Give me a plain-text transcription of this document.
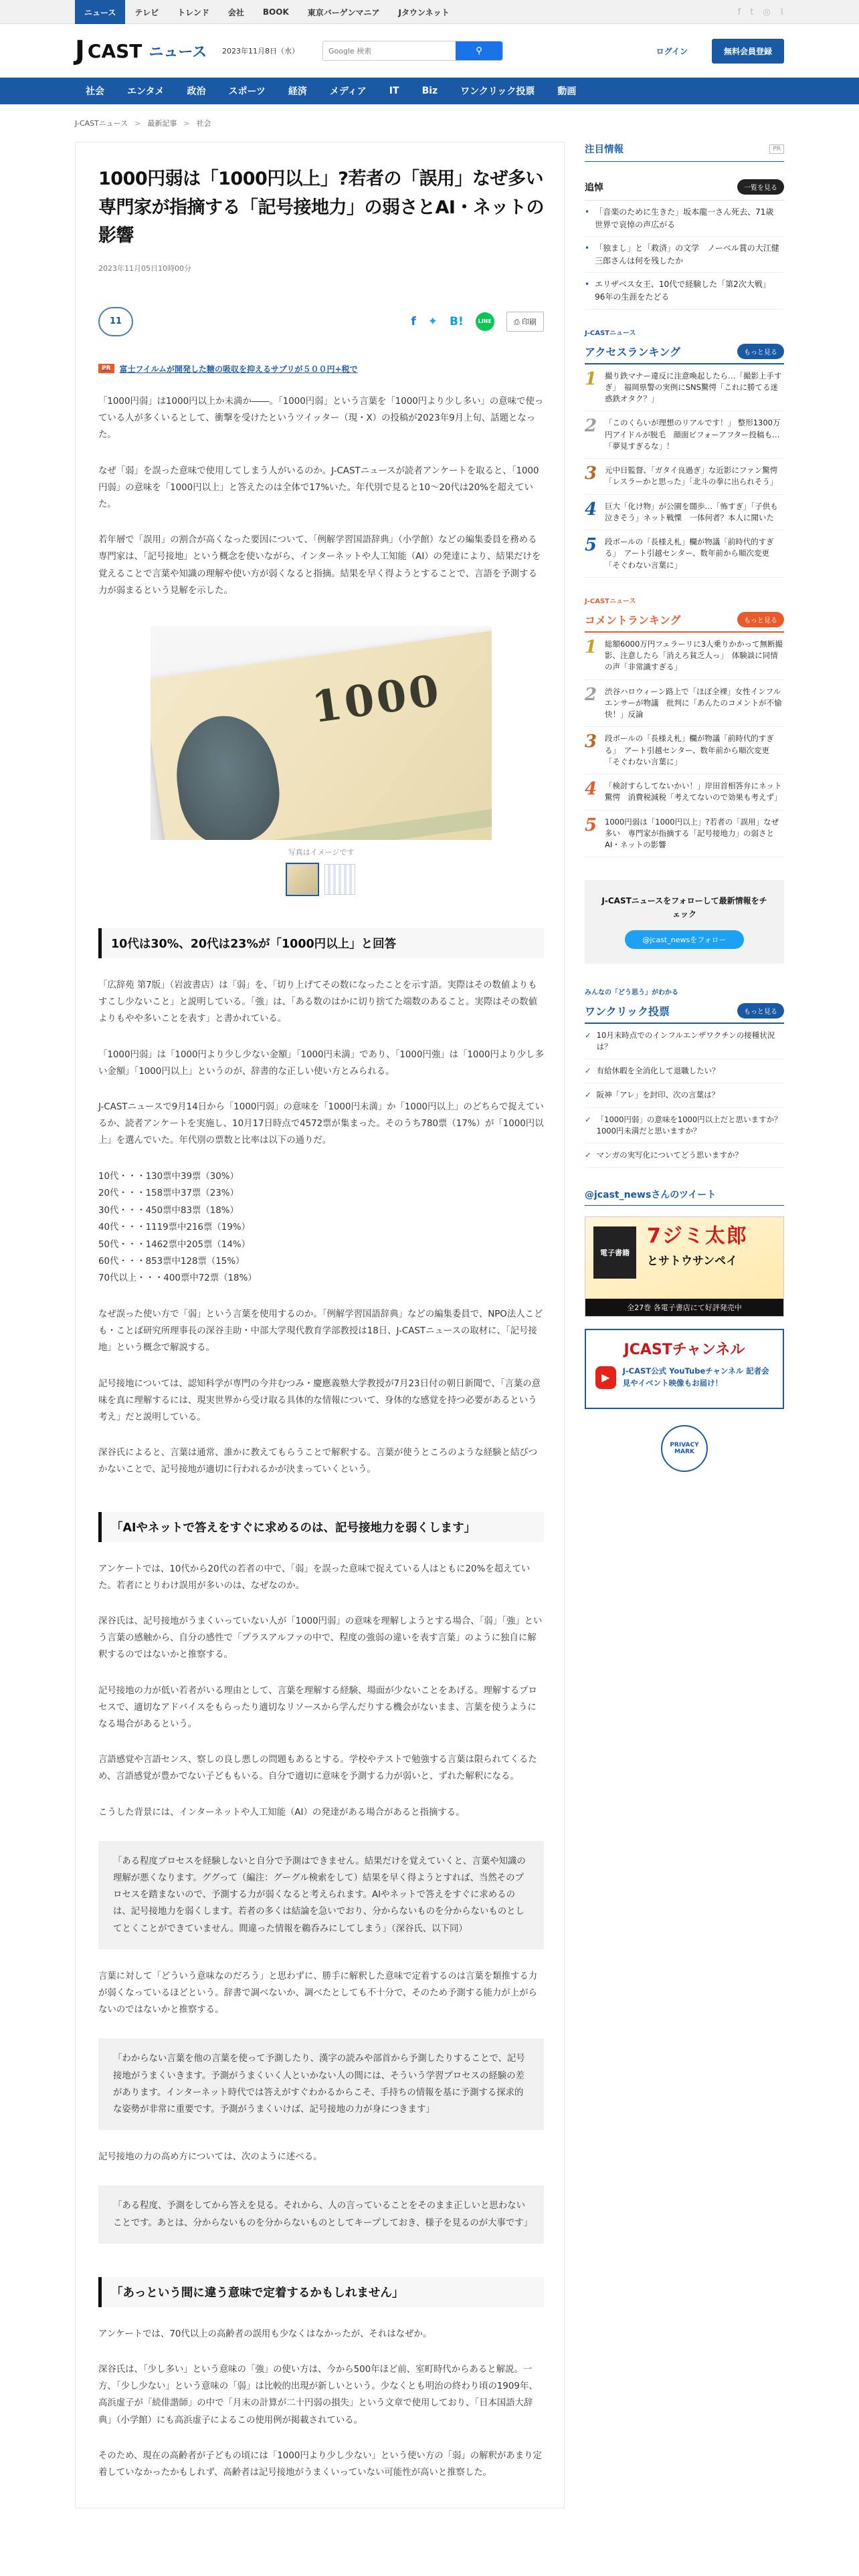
ニュース	テレビ	トレンド	会社	BOOK	東京バーゲンマニア	Jタウンネット	f t ◎ ⌇
J CAST ニュース 2023年11月8日（水）
Google 検索	⚲	ログイン	無料会員登録
社会	エンタメ	政治	スポーツ	経済	メディア	IT	Biz	ワンクリック投票	動画
J-CASTニュース > 最新記事 > 社会
1000円弱は「1000円以上」?若者の「誤用」なぜ多い　専門家が指摘する「記号接地力」の弱さとAI・ネットの影響
2023年11月05日10時00分
11	f ✦ B!	LINE	⎙ 印刷
PR	富士フイルムが開発した糖の吸収を抑えるサプリが５００円+税で

「1000円弱」は1000円以上か未満か――。「1000円弱」という言葉を「1000円より少し多い」の意味で使っている人が多くいるとして、衝撃を受けたというツイッター（現・X）の投稿が2023年9月上旬、話題となった。

なぜ「弱」を誤った意味で使用してしまう人がいるのか。J-CASTニュースが読者アンケートを取ると、「1000円弱」の意味を「1000円以上」と答えたのは全体で17%いた。年代別で見ると10～20代は20%を超えていた。

若年層で「誤用」の割合が高くなった要因について、「例解学習国語辞典」（小学館）などの編集委員を務める専門家は、「記号接地」という概念を使いながら、インターネットや人工知能（AI）の発達により、結果だけを覚えることで言葉や知識の理解や使い方が弱くなると指摘。結果を早く得ようとすることで、言語を予測する力が弱まるという見解を示した。

1000
写真はイメージです
10代は30%、20代は23%が「1000円以上」と回答

「広辞苑 第7版」（岩波書店）は「弱」を、「切り上げてその数になったことを示す語。実際はその数値よりもすこし少ないこと」と説明している。「強」は、「ある数のはかに切り捨てた端数のあること。実際はその数値よりもやや多いことを表す」と書かれている。

「1000円弱」は「1000円より少し少ない金額」「1000円未満」であり、「1000円強」は「1000円より少し多い金額」「1000円以上」というのが、辞書的な正しい使い方とみられる。

J-CASTニュースで9月14日から「1000円弱」の意味を「1000円未満」か「1000円以上」のどちらで捉えているか、読者アンケートを実施し、10月17日時点で4572票が集まった。そのうち780票（17%）が「1000円以上」を選んでいた。年代別の票数と比率は以下の通りだ。

10代・・・130票中39票（30%）

20代・・・158票中37票（23%）

30代・・・450票中83票（18%）

40代・・・1119票中216票（19%）

50代・・・1462票中205票（14%）

60代・・・853票中128票（15%）

70代以上・・・400票中72票（18%）

なぜ誤った使い方で「弱」という言葉を使用するのか。「例解学習国語辞典」などの編集委員で、NPO法人こども・ことば研究所理事長の深谷圭助・中部大学現代教育学部教授は18日、J-CASTニュースの取材に、「記号接地」という概念で解説する。

記号接地については、認知科学が専門の今井むつみ・慶應義塾大学教授が7月23日付の朝日新聞で、「言葉の意味を真に理解するには、現実世界から受け取る具体的な情報について、身体的な感覚を持つ必要があるという考え」だと説明している。

深谷氏によると、言葉は通常、誰かに教えてもらうことで解釈する。言葉が使うところのような経験と結びつかないことで、記号接地が適切に行われるかが決まっていくという。

「AIやネットで答えをすぐに求めるのは、記号接地力を弱くします」

アンケートでは、10代から20代の若者の中で、「弱」を誤った意味で捉えている人はともに20%を超えていた。若者にとりわけ誤用が多いのは、なぜなのか。

深谷氏は、記号接地がうまくいっていない人が「1000円弱」の意味を理解しようとする場合、「弱」「強」という言葉の感触から、自分の感性で「プラスアルファの中で、程度の強弱の違いを表す言葉」のように独自に解釈するのではないかと推察する。

記号接地の力が低い若者がいる理由として、言葉を理解する経験、場面が少ないことをあげる。理解するプロセスで、適切なアドバイスをもらったり適切なリソースから学んだりする機会がないまま、言葉を使うようになる場合があるという。

言語感覚や言語センス、察しの良し悪しの問題もあるとする。学校やテストで勉強する言葉は限られてくるため、言語感覚が豊かでない子どももいる。自分で適切に意味を予測する力が弱いと、ずれた解釈になる。

こうした背景には、インターネットや人工知能（AI）の発達がある場合があると指摘する。

「ある程度プロセスを経験しないと自分で予測はできません。結果だけを覚えていくと、言葉や知識の理解が悪くなります。ググって（編注：グーグル検索をして）結果を早く得ようとすれば、当然そのプロセスを踏まないので、予測する力が弱くなると考えられます。AIやネットで答えをすぐに求めるのは、記号接地力を弱くします。若者の多くは結論を急いでおり、分からないものを分からないものとしてとくことができていません。間違った情報を鵜呑みにしてしまう」（深谷氏、以下同）

言葉に対して「どういう意味なのだろう」と思わずに、勝手に解釈した意味で定着するのは言葉を類推する力が弱くなっているほどという。辞書で調べないか、調べたとしても不十分で、そのため予測する能力が上がらないのではないかと推察する。

「わからない言葉を他の言葉を使って予測したり、漢字の読みや部首から予測したりすることで、記号接地がうまくいきます。予測がうまくいく人といかない人の間には、そういう学習プロセスの経験の差があります。インターネット時代では答えがすぐわかるからこそ、手持ちの情報を基に予測する探求的な姿勢が非常に重要です。予測がうまくいけば、記号接地の力が身につきます」

記号接地の力の高め方については、次のように述べる。

「ある程度、予測をしてから答えを見る。それから、人の言っていることをそのまま正しいと思わないことです。あとは、分からないものを分からないものとしてキープしておき、様子を見るのが大事です」

「あっという間に違う意味で定着するかもしれません」

アンケートでは、70代以上の高齢者の誤用も少なくはなかったが、それはなぜか。

深谷氏は、「少し多い」という意味の「強」の使い方は、今から500年ほど前、室町時代からあると解説。一方、「少し少ない」という意味の「弱」は比較的出現が新しいという。少なくとも明治の終わり頃の1909年、高浜虚子が「続俳諧師」の中で「月末の計算が二十円弱の損失」という文章で使用しており、「日本国語大辞典」（小学館）にも高浜虚子によるこの使用例が掲載されている。

そのため、現在の高齢者が子どもの頃には「1000円より少し少ない」という使い方の「弱」の解釈があまり定着していなかったかもしれず、高齢者は記号接地がうまくいっていない可能性が高いと推察した。

注目情報	PR
追悼	一覧を見る
• 「音楽のために生きた」坂本龍一さん死去、71歳　世界で哀悼の声広がる
• 「独まし」と「救済」の文学　ノーベル賞の大江健三郎さんは何を残したか
• エリザベス女王、10代で経験した「第2次大戦」　96年の生涯をたどる
J-CASTニュース
アクセスランキング	もっと見る
1 撮り鉄マナー違反に注意喚起したら…「撮影上手すぎ」　福岡県警の実例にSNS驚愕「これに勝てる迷惑鉄オタク？」
2 「このくらいが理想のリアルです！」 整形1300万円アイドルが脱毛　顔面ビフォーアフター投稿も…「夢見すぎるな」！
3 元中日監督、「ガタイ良過ぎ」な近影にファン驚愕「レスラーかと思った」「北斗の拳に出られそう」
4 巨大「化け物」が公園を闊歩…「怖すぎ」「子供も泣きそう」ネット戦慄　一体何者？本人に聞いた
5 段ボールの「長様え札」欄が物議「前時代的すぎる」　アート引越センター、数年前から順次変更「そぐわない言葉に」
J-CASTニュース
コメントランキング	もっと見る
1 総額6000万円フェラーリに3人乗りかかって無断撮影、注意したら「消えろ貧乏人っ」　体験談に同情の声「非常識すぎる」
2 渋谷ハロウィーン路上で「ほぼ全裸」女性インフルエンサーが物議　批判に「あんたのコメントが不愉快！」反論
3 段ボールの「長様え札」欄が物議「前時代的すぎる」　アート引越センター、数年前から順次変更「そぐわない言葉に」
4 「検討すらしてないかい！」岸田首相答弁にネット驚愕　消費税減税「考えてないので効果も考えず」
5 1000円弱は「1000円以上」?若者の「誤用」なぜ多い　専門家が指摘する「記号接地力」の弱さとAI・ネットの影響
J-CASTニュースをフォローして最新情報をチェック
@jcast_newsをフォロー
みんなの「どう思う」がわかる
ワンクリック投票	もっと見る
✓ 10月末時点でのインフルエンザワクチンの接種状況は？
✓ 有給休暇を全消化して退職したい？
✓ 阪神「アレ」を封印、次の言葉は？
✓ 「1000円弱」の意味を1000円以上だと思いますか？　1000円未満だと思いますか？
✓ マンガの実写化についてどう思いますか？
@jcast_newsさんのツイート
電子書籍
7ジミ太郎
とサトウサンペイ
全27巻 各電子書店にて好評発売中
JCASTチャンネル
▶	J-CAST公式 YouTubeチャンネル 記者会見やイベント映像もお届け！
PRIVACY MARK
